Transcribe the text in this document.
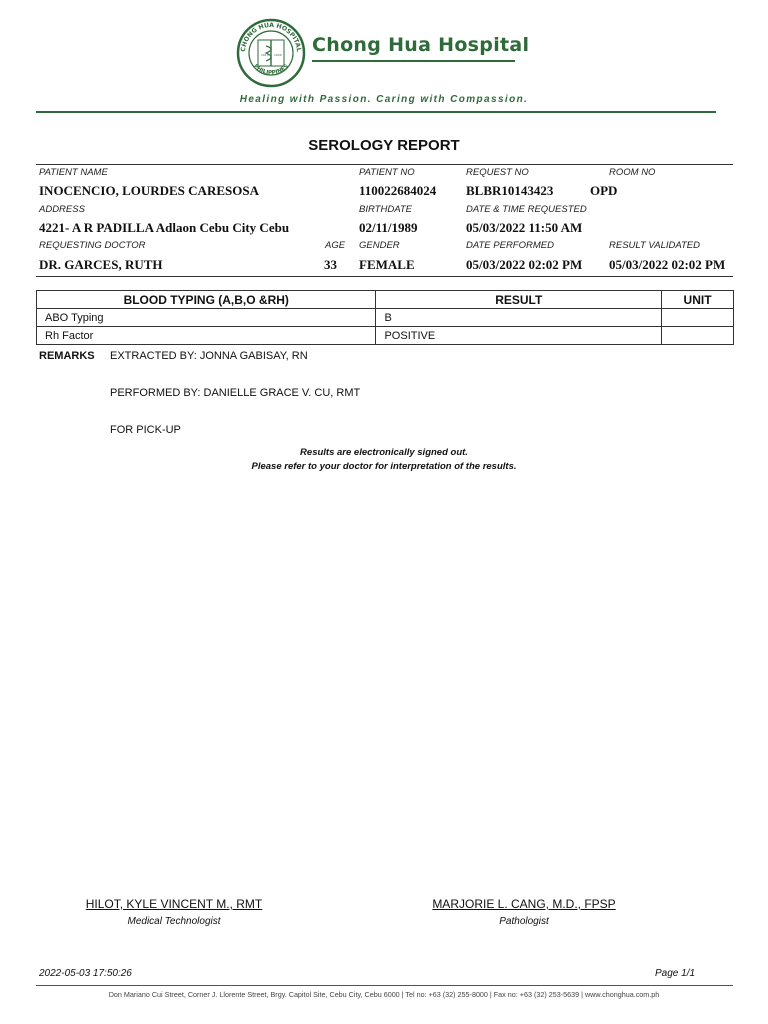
CHONG HUA HOSPITAL
PHILIPPINES
1913 1920 Chong Hua Hospital
Healing with Passion. Caring with Compassion.
SEROLOGY REPORT
PATIENT NAME	PATIENT NO	REQUEST NO	ROOM NO
INOCENCIO, LOURDES CARESOSA	110022684024 BLBR10143423	OPD
ADDRESS	BIRTHDATE	DATE & TIME REQUESTED
4221- A R PADILLA Adlaon Cebu City Cebu	02/11/1989	05/03/2022 11:50 AM
REQUESTING DOCTOR	AGE GENDER	DATE PERFORMED	RESULT VALIDATED
DR. GARCES, RUTH	33 FEMALE	05/03/2022 02:02 PM 05/03/2022 02:02 PM
BLOOD TYPING (A,B,O &RH)	RESULT	UNIT
ABO Typing	B	
Rh Factor	POSITIVE	
REMARKS EXTRACTED BY: JONNA GABISAY, RN
PERFORMED BY: DANIELLE GRACE V. CU, RMT
FOR PICK-UP
Results are electronically signed out.
Please refer to your doctor for interpretation of the results.
HILOT, KYLE VINCENT M., RMT
Medical Technologist
MARJORIE L. CANG, M.D., FPSP
Pathologist
2022-05-03 17:50:26	Page 1/1
Don Mariano Cui Street, Corner J. Llorente Street, Brgy. Capitol Site, Cebu City, Cebu 6000 | Tel no: +63 (32) 255-8000 | Fax no: +63 (32) 253-5639 | www.chonghua.com.ph
